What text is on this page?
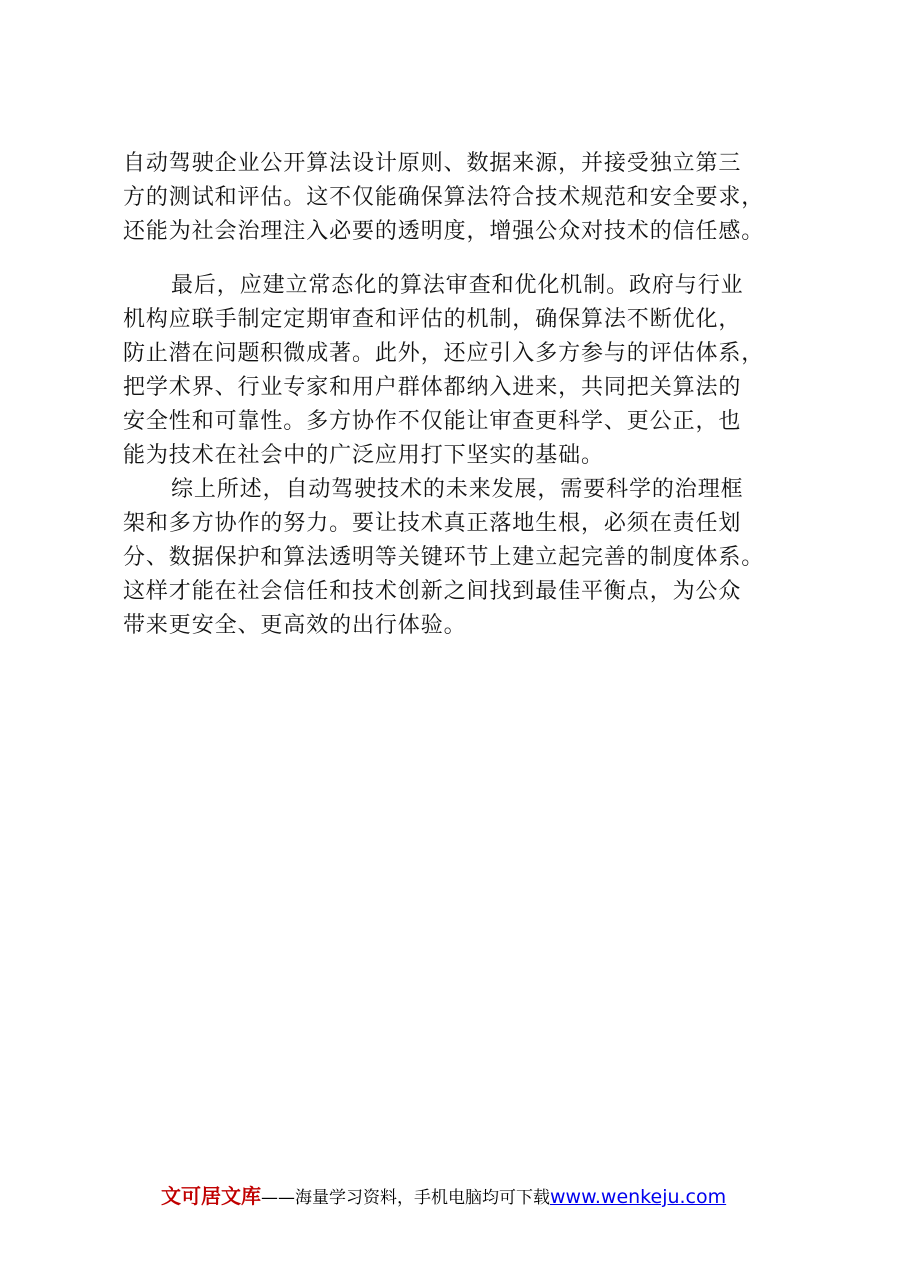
自动驾驶企业公开算法设计原则、数据来源，并接受独立第三
方的测试和评估。这不仅能确保算法符合技术规范和安全要求，
还能为社会治理注入必要的透明度，增强公众对技术的信任感。
最后，应建立常态化的算法审查和优化机制。政府与行业
机构应联手制定定期审查和评估的机制，确保算法不断优化，
防止潜在问题积微成著。此外，还应引入多方参与的评估体系，
把学术界、行业专家和用户群体都纳入进来，共同把关算法的
安全性和可靠性。多方协作不仅能让审查更科学、更公正，也
能为技术在社会中的广泛应用打下坚实的基础。
综上所述，自动驾驶技术的未来发展，需要科学的治理框
架和多方协作的努力。要让技术真正落地生根，必须在责任划
分、数据保护和算法透明等关键环节上建立起完善的制度体系。
这样才能在社会信任和技术创新之间找到最佳平衡点，为公众
带来更安全、更高效的出行体验。
文可居文库——海量学习资料，手机电脑均可下载www.wenkeju.com
